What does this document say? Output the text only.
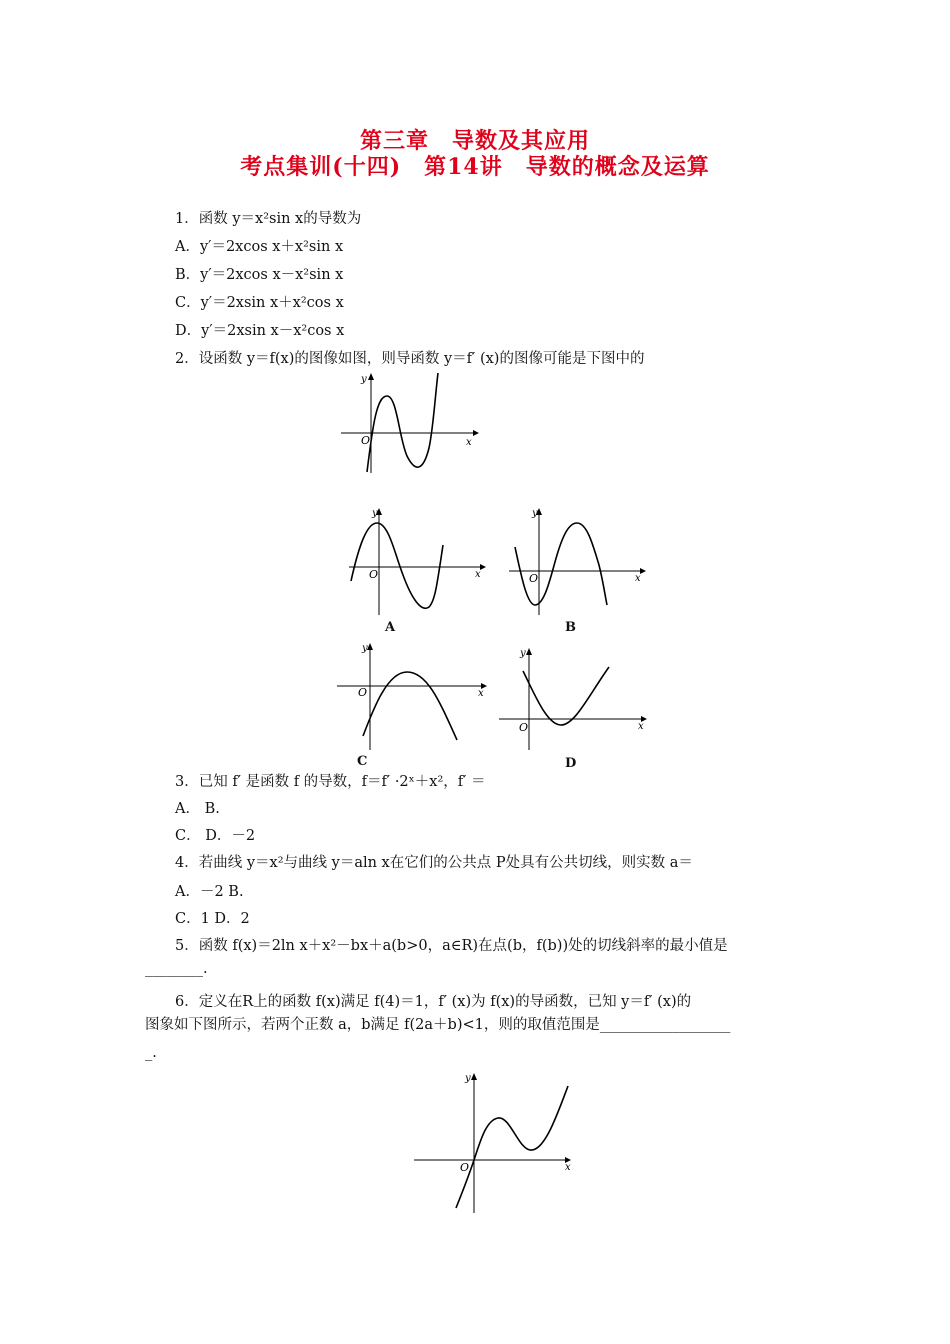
第三章　导数及其应用
考点集训(十四)　第14讲　导数的概念及运算
1．函数 y＝x²sin x的导数为
A．y′＝2xcos x＋x²sin x
B．y′＝2xcos x－x²sin x
C．y′＝2xsin x＋x²cos x
D．y′＝2xsin x－x²cos x
2．设函数 y＝f(x)的图像如图，则导函数 y＝f′ (x)的图像可能是下图中的
x
y
O
x
y
O
A
x
y
O
B
x
y
O
C
x
y
O
D
3．已知 f′ 是函数 f 的导数，f＝f′ ·2ˣ＋x²，f′ ＝
A． B.
C． D．－2
4．若曲线 y＝x²与曲线 y＝aln x在它们的公共点 P处具有公共切线，则实数 a＝
A．－2 B.
C．1 D．2
5．函数 f(x)＝2ln x＋x²－bx＋a(b>0，a∈R)在点(b，f(b))处的切线斜率的最小值是
________.
6．定义在R上的函数 f(x)满足 f(4)＝1，f′ (x)为 f(x)的导函数，已知 y＝f′ (x)的
图象如下图所示，若两个正数 a，b满足 f(2a＋b)<1，则的取值范围是__________________
_.
x
y
O
